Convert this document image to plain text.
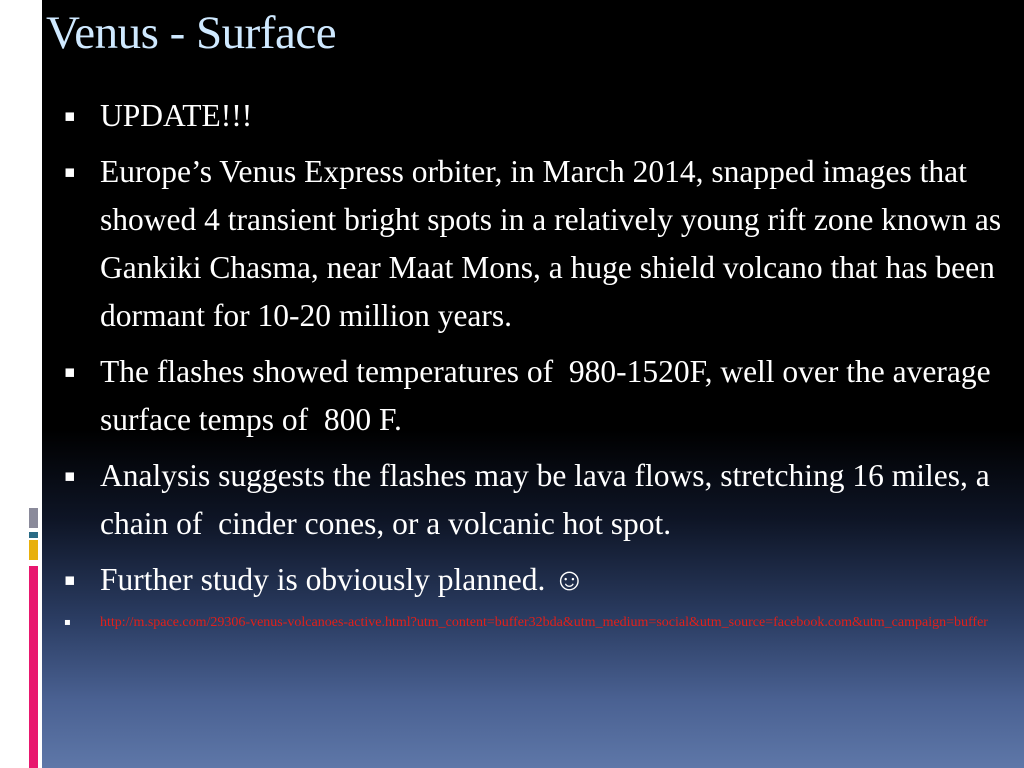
Venus - Surface
▪ UPDATE!!!
▪ Europe’s Venus Express orbiter, in March 2014, snapped images that showed 4 transient bright spots in a relatively young rift zone known as Gankiki Chasma, near Maat Mons, a huge shield volcano that has been dormant for 10-20 million years.
▪ The flashes showed temperatures of  980-1520F, well over the average surface temps of  800 F.
▪ Analysis suggests the flashes may be lava flows, stretching 16 miles, a chain of  cinder cones, or a volcanic hot spot.
▪ Further study is obviously planned. ☺
▪ http://m.space.com/29306-venus-volcanoes-active.html?utm_content=buffer32bda&utm_medium=social&utm_source=facebook.com&utm_campaign=buffer
